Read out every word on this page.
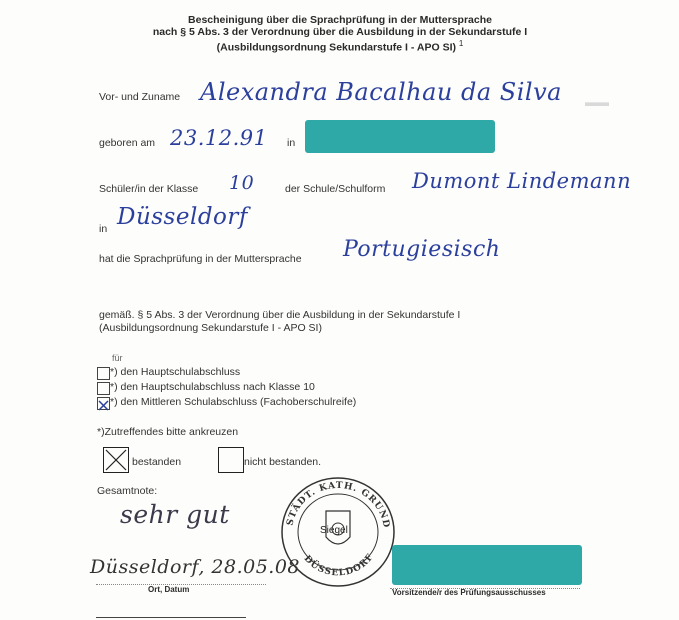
Bescheinigung über die Sprachprüfung in der Muttersprache
nach § 5 Abs. 3 der Verordnung über die Ausbildung in der Sekundarstufe I
(Ausbildungsordnung Sekundarstufe I - APO SI) $^1$
▬▬
Vor- und Zuname Alexandra Bacalhau da Silva
geboren am 23.12.91 in
Schüler/in der Klasse 10	der Schule/Schulform Dumont Lindemann
in Düsseldorf
hat die Sprachprüfung in der Muttersprache Portugiesisch
gemäß. § 5 Abs. 3 der Verordnung über die Ausbildung in der Sekundarstufe I
(Ausbildungsordnung Sekundarstufe I - APO SI)
für
*) den Hauptschulabschluss
*) den Hauptschulabschluss nach Klasse 10
*) den Mittleren Schulabschluss (Fachoberschulreife)
*)Zutreffendes bitte ankreuzen
bestanden	nicht bestanden.
Gesamtnote:
sehr gut	STÄDT. KATH. GRUND
DÜSSELDORF
Siegel
Düsseldorf, 28.05.08
Ort, Datum	Vorsitzende/r des Prüfungsausschusses
